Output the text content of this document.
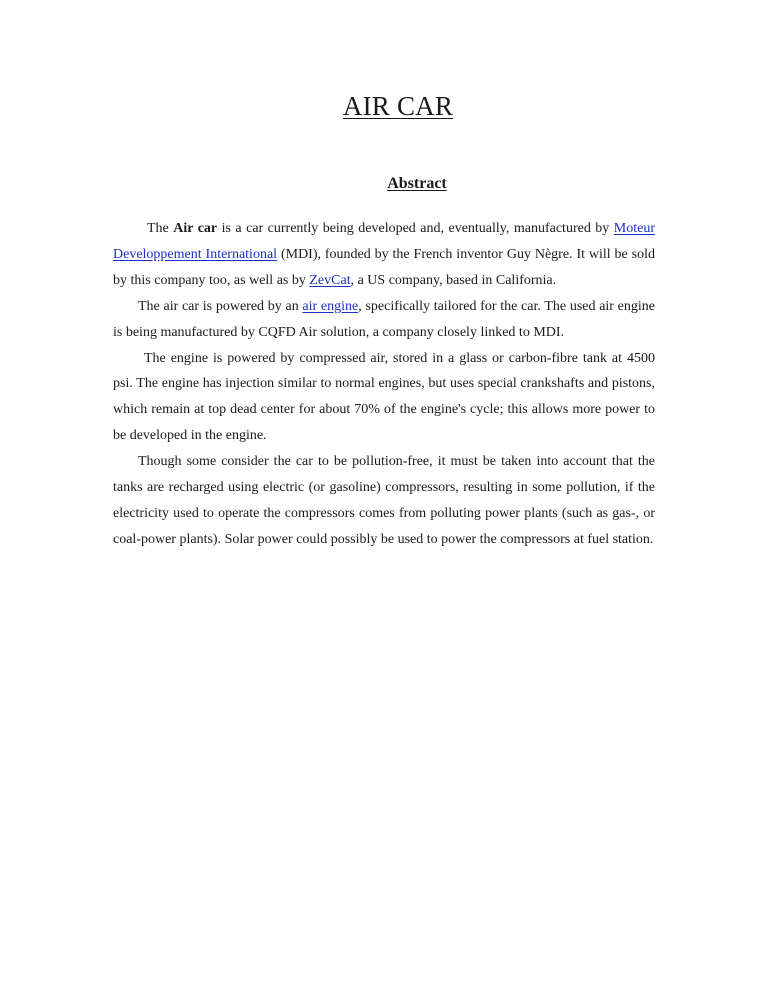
AIR CAR
Abstract

The Air car is a car currently being developed and, eventually, manufactured by Moteur Developpement International (MDI), founded by the French inventor Guy Nègre. It will be sold by this company too, as well as by ZevCat, a US company, based in California.

The air car is powered by an air engine, specifically tailored for the car. The used air engine is being manufactured by CQFD Air solution, a company closely linked to MDI.

The engine is powered by compressed air, stored in a glass or carbon-fibre tank at 4500 psi. The engine has injection similar to normal engines, but uses special crankshafts and pistons, which remain at top dead center for about 70% of the engine's cycle; this allows more power to be developed in the engine.

Though some consider the car to be pollution-free, it must be taken into account that the tanks are recharged using electric (or gasoline) compressors, resulting in some pollution, if the electricity used to operate the compressors comes from polluting power plants (such as gas-, or coal-power plants). Solar power could possibly be used to power the compressors at fuel station.
